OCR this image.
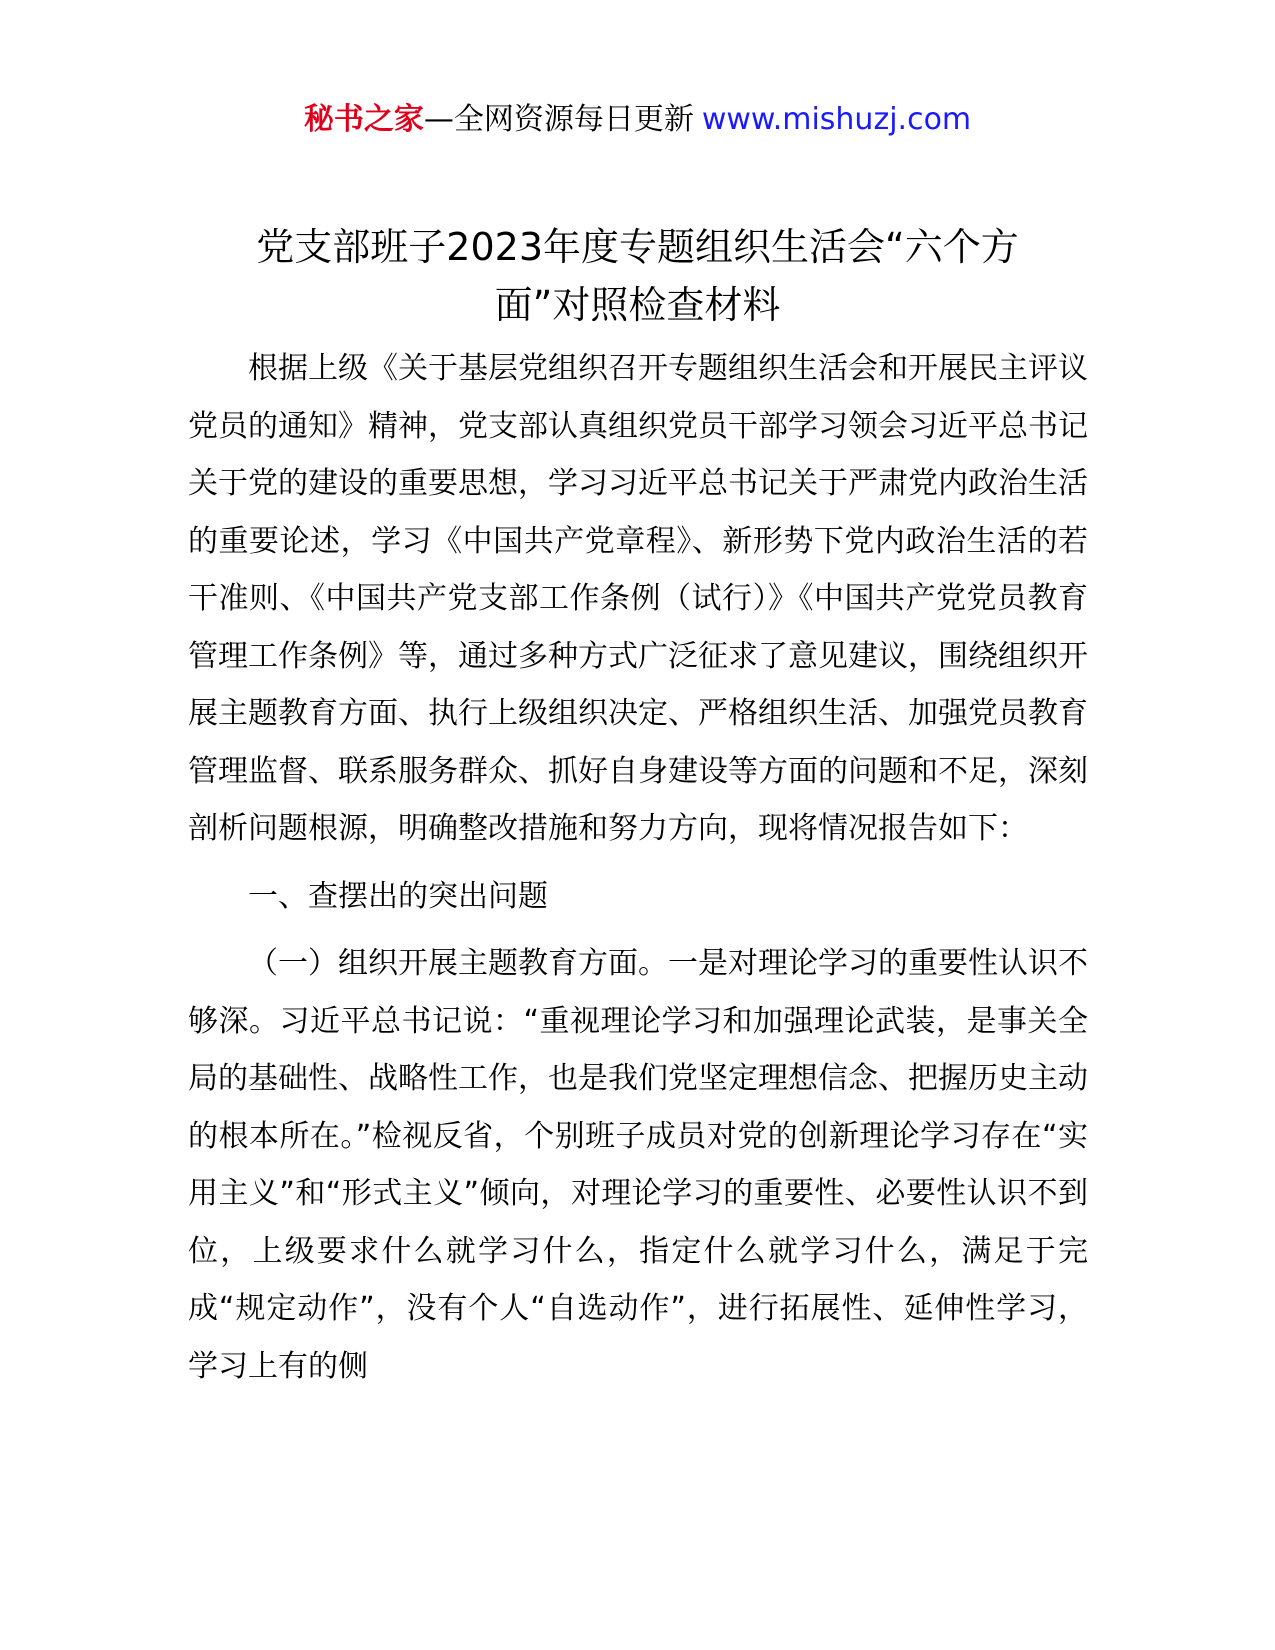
秘书之家—全网资源每日更新 www.mishuzj.com
党支部班子2023年度专题组织生活会“六个方
面”对照检查材料

根据上级《关于基层党组织召开专题组织生活会和开展民主评议党员的通知》精神，党支部认真组织党员干部学习领会习近平总书记关于党的建设的重要思想，学习习近平总书记关于严肃党内政治生活的重要论述，学习《中国共产党章程》、新形势下党内政治生活的若干准则、《中国共产党支部工作条例（试行）》《中国共产党党员教育管理工作条例》等，通过多种方式广泛征求了意见建议，围绕组织开展主题教育方面、执行上级组织决定、严格组织生活、加强党员教育管理监督、联系服务群众、抓好自身建设等方面的问题和不足，深刻剖析问题根源，明确整改措施和努力方向，现将情况报告如下：

一、查摆出的突出问题

（一）组织开展主题教育方面。一是对理论学习的重要性认识不够深。习近平总书记说：“重视理论学习和加强理论武装，是事关全局的基础性、战略性工作，也是我们党坚定理想信念、把握历史主动的根本所在。”检视反省，个别班子成员对党的创新理论学习存在“实用主义”和“形式主义”倾向，对理论学习的重要性、必要性认识不到位，上级要求什么就学习什么，指定什么就学习什么，满足于完成“规定动作”，没有个人“自选动作”，进行拓展性、延伸性学习，学习上有的侧
